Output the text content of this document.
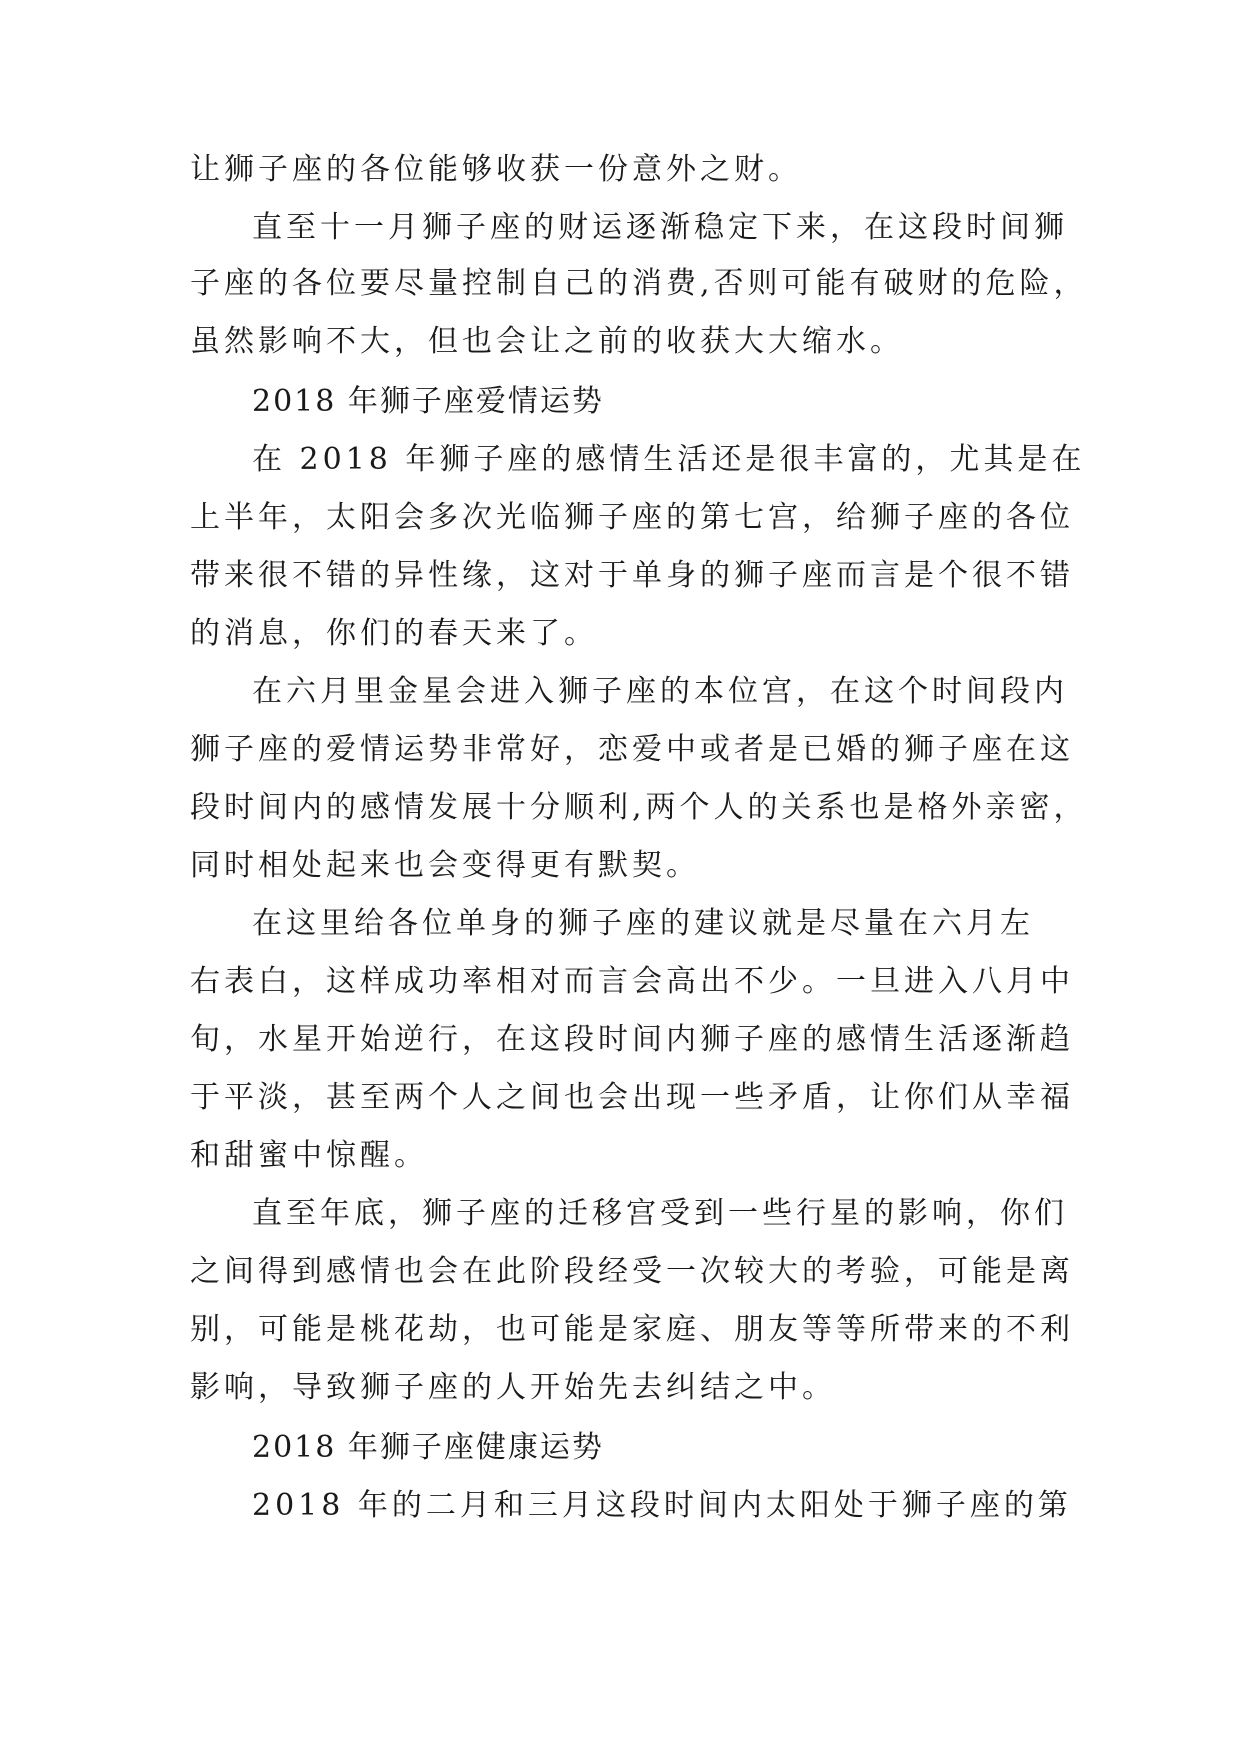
让狮子座的各位能够收获一份意外之财。
直至十一月狮子座的财运逐渐稳定下来，在这段时间狮
子座的各位要尽量控制自己的消费,否则可能有破财的危险，
虽然影响不大，但也会让之前的收获大大缩水。
2018 年狮子座爱情运势
在 2018 年狮子座的感情生活还是很丰富的，尤其是在
上半年，太阳会多次光临狮子座的第七宫，给狮子座的各位
带来很不错的异性缘，这对于单身的狮子座而言是个很不错
的消息，你们的春天来了。
在六月里金星会进入狮子座的本位宫，在这个时间段内
狮子座的爱情运势非常好，恋爱中或者是已婚的狮子座在这
段时间内的感情发展十分顺利,两个人的关系也是格外亲密，
同时相处起来也会变得更有默契。
在这里给各位单身的狮子座的建议就是尽量在六月左
右表白，这样成功率相对而言会高出不少。一旦进入八月中
旬，水星开始逆行，在这段时间内狮子座的感情生活逐渐趋
于平淡，甚至两个人之间也会出现一些矛盾，让你们从幸福
和甜蜜中惊醒。
直至年底，狮子座的迁移宫受到一些行星的影响，你们
之间得到感情也会在此阶段经受一次较大的考验，可能是离
别，可能是桃花劫，也可能是家庭、朋友等等所带来的不利
影响，导致狮子座的人开始先去纠结之中。
2018 年狮子座健康运势
2018 年的二月和三月这段时间内太阳处于狮子座的第
